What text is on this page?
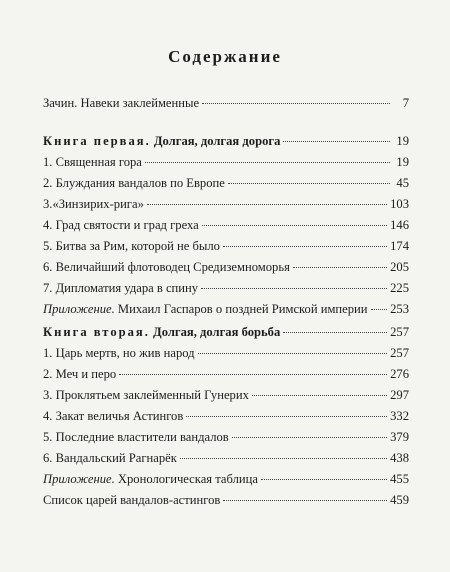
Содержание
Зачин. Навеки заклейменные	7
Книга первая. Долгая, долгая дорога	19
1. Священная гора	19
2. Блуждания вандалов по Европе	45
3.«Зинзирих-рига»	103
4. Град святости и град греха	146
5. Битва за Рим, которой не было	174
6. Величайший флотоводец Средиземноморья	205
7. Дипломатия удара в спину	225
Приложение. Михаил Гаспаров о поздней Римской империи 253
Книга вторая. Долгая, долгая борьба	257
1. Царь мертв, но жив народ	257
2. Меч и перо	276
3. Проклятьем заклейменный Гунерих	297
4. Закат величья Астингов	332
5. Последние властители вандалов	379
6. Вандальский Рагнарёк	438
Приложение. Хронологическая таблица	455
Список царей вандалов-астингов	459
